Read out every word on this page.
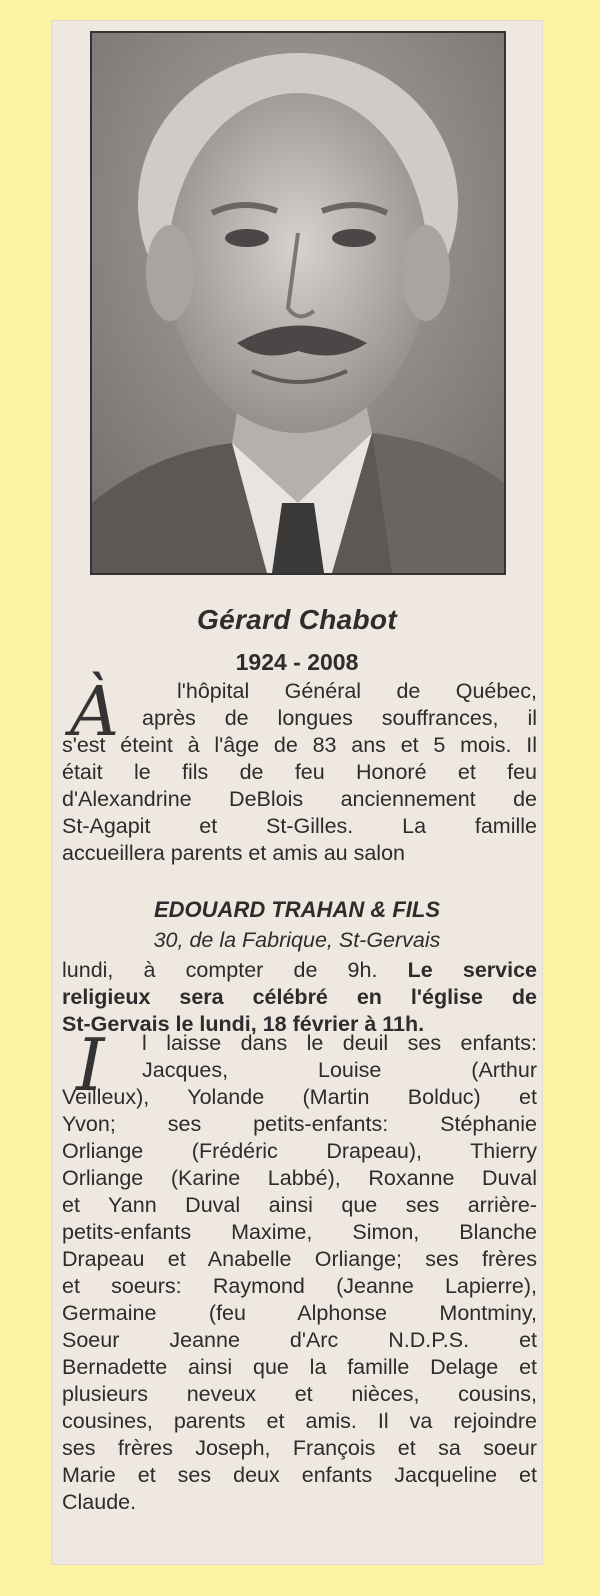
Gérard Chabot
1924 - 2008
À	l'hôpital Général de Québec,
après de longues souffrances, il
s'est éteint à l'âge de 83 ans et 5 mois. Il
était le fils de feu Honoré et feu
d'Alexandrine DeBlois anciennement de
St-Agapit et St-Gilles. La famille
accueillera parents et amis au salon
EDOUARD TRAHAN & FILS
30, de la Fabrique, St-Gervais
lundi, à compter de 9h. Le service
religieux sera célébré en l'église de
St-Gervais le lundi, 18 février à 11h.
I	l laisse dans le deuil ses enfants:
Jacques, Louise (Arthur
Veilleux), Yolande (Martin Bolduc) et
Yvon; ses petits-enfants: Stéphanie
Orliange (Frédéric Drapeau), Thierry
Orliange (Karine Labbé), Roxanne Duval
et Yann Duval ainsi que ses arrière-
petits-enfants Maxime, Simon, Blanche
Drapeau et Anabelle Orliange; ses frères
et soeurs: Raymond (Jeanne Lapierre),
Germaine (feu Alphonse Montminy,
Soeur Jeanne d'Arc N.D.P.S. et
Bernadette ainsi que la famille Delage et
plusieurs neveux et nièces, cousins,
cousines, parents et amis. Il va rejoindre
ses frères Joseph, François et sa soeur
Marie et ses deux enfants Jacqueline et
Claude.
